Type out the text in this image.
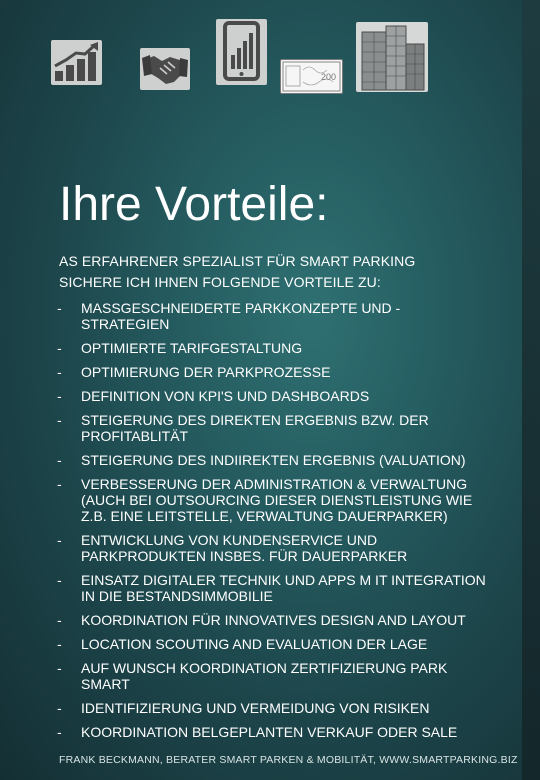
200
Ihre Vorteile:
AS ERFAHRENER SPEZIALIST FÜR SMART PARKING
SICHERE ICH IHNEN FOLGENDE VORTEILE ZU:
- MASSGESCHNEIDERTE PARKKONZEPTE UND - STRATEGIEN
- OPTIMIERTE TARIFGESTALTUNG
- OPTIMIERUNG DER PARKPROZESSE
- DEFINITION VON KPI'S UND DASHBOARDS
- STEIGERUNG DES DIREKTEN ERGEBNIS BZW. DER PROFITABLITÄT
- STEIGERUNG DES INDIIREKTEN ERGEBNIS (VALUATION)
- VERBESSERUNG DER ADMINISTRATION & VERWALTUNG (AUCH BEI OUTSOURCING DIESER DIENSTLEISTUNG WIE Z.B. EINE LEITSTELLE, VERWALTUNG DAUERPARKER)
- ENTWICKLUNG VON KUNDENSERVICE UND PARKPRODUKTEN INSBES. FÜR DAUERPARKER
- EINSATZ DIGITALER TECHNIK UND APPS M IT INTEGRATION IN DIE BESTANDSIMMOBILIE
- KOORDINATION FÜR INNOVATIVES DESIGN AND LAYOUT
- LOCATION SCOUTING AND EVALUATION DER LAGE
- AUF WUNSCH KOORDINATION ZERTIFIZIERUNG PARK SMART
- IDENTIFIZIERUNG UND VERMEIDUNG VON RISIKEN
- KOORDINATION BELGEPLANTEN VERKAUF ODER SALE
FRANK BECKMANN, BERATER SMART PARKEN & MOBILITÄT, WWW.SMARTPARKING.BIZ
